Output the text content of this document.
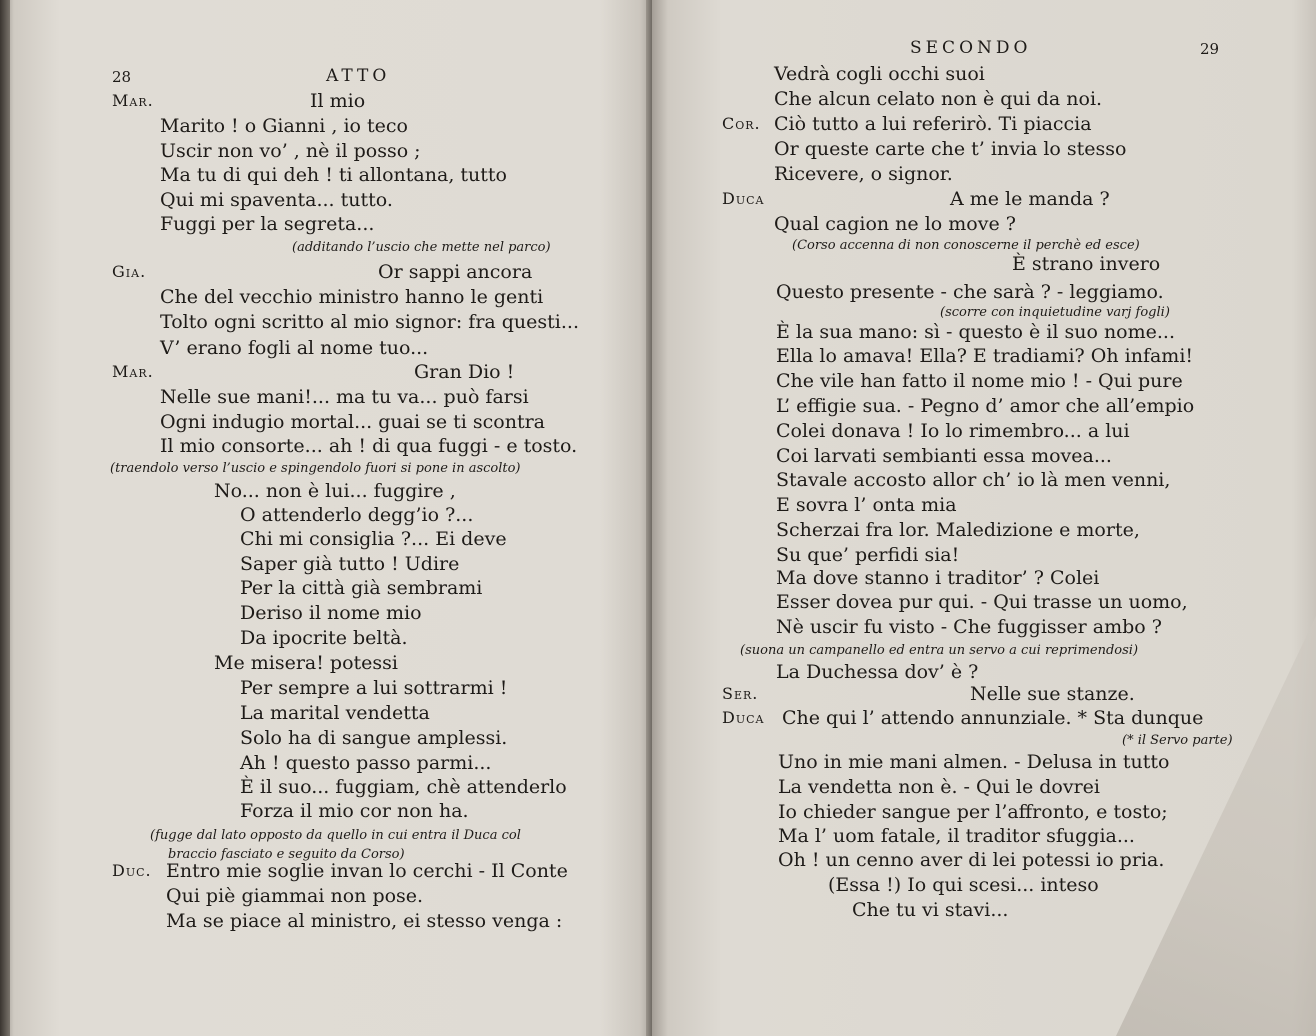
28	ATTO
Mar.	Il mio
Marito ! o Gianni , io teco
Uscir non vo’ , nè il posso ;
Ma tu di qui deh ! ti allontana, tutto
Qui mi spaventa... tutto.
Fuggi per la segreta...
(additando l’uscio che mette nel parco)
Gia.	Or sappi ancora
Che del vecchio ministro hanno le genti
Tolto ogni scritto al mio signor: fra questi...
V’ erano fogli al nome tuo...
Mar.	Gran Dio !
Nelle sue mani!... ma tu va... può farsi
Ogni indugio mortal... guai se ti scontra
Il mio consorte... ah ! di qua fuggi - e tosto.
(traendolo verso l’uscio e spingendolo fuori si pone in ascolto)
No... non è lui... fuggire ,
O attenderlo degg’io ?...
Chi mi consiglia ?... Ei deve
Saper già tutto ! Udire
Per la città già sembrami
Deriso il nome mio
Da ipocrite beltà.
Me misera! potessi
Per sempre a lui sottrarmi !
La marital vendetta
Solo ha di sangue amplessi.
Ah ! questo passo parmi...
È il suo... fuggiam, chè attenderlo
Forza il mio cor non ha.
(fugge dal lato opposto da quello in cui entra il Duca col
braccio fasciato e seguito da Corso)
Duc. Entro mie soglie invan lo cerchi - Il Conte
Qui piè giammai non pose.
Ma se piace al ministro, ei stesso venga :
SECONDO	29
Vedrà cogli occhi suoi
Che alcun celato non è qui da noi.
Cor. Ciò tutto a lui referirò. Ti piaccia
Or queste carte che t’ invia lo stesso
Ricevere, o signor.
Duca	A me le manda ?
Qual cagion ne lo move ?
(Corso accenna di non conoscerne il perchè ed esce)
È strano invero
Questo presente - che sarà ? - leggiamo.
(scorre con inquietudine varj fogli)
È la sua mano: sì - questo è il suo nome...
Ella lo amava! Ella? E tradiami? Oh infami!
Che vile han fatto il nome mio ! - Qui pure
L’ effigie sua. - Pegno d’ amor che all’empio
Colei donava ! Io lo rimembro... a lui
Coi larvati sembianti essa movea...
Stavale accosto allor ch’ io là men venni,
E sovra l’ onta mia
Scherzai fra lor. Maledizione e morte,
Su que’ perfidi sia!
Ma dove stanno i traditor’ ? Colei
Esser dovea pur qui. - Qui trasse un uomo,
Nè uscir fu visto - Che fuggisser ambo ?
(suona un campanello ed entra un servo a cui reprimendosi)
La Duchessa dov’ è ?
Ser.	Nelle sue stanze.
Duca Che qui l’ attendo annunziale. * Sta dunque
(* il Servo parte)
Uno in mie mani almen. - Delusa in tutto
La vendetta non è. - Qui le dovrei
Io chieder sangue per l’affronto, e tosto;
Ma l’ uom fatale, il traditor sfuggia...
Oh ! un cenno aver di lei potessi io pria.
(Essa !) Io qui scesi... inteso
Che tu vi stavi...
